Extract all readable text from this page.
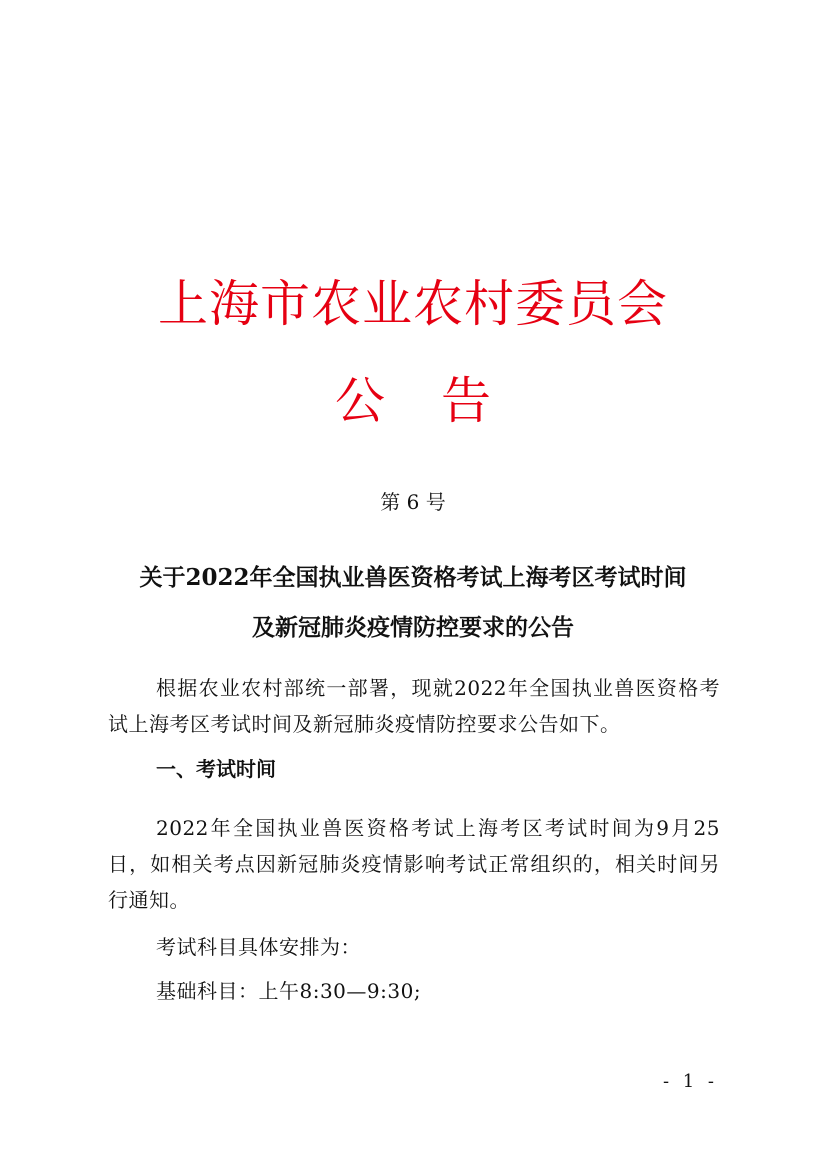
上海市农业农村委员会
公 告
第 6 号
关于2022年全国执业兽医资格考试上海考区考试时间
及新冠肺炎疫情防控要求的公告
根据农业农村部统一部署，现就2022年全国执业兽医资格考试上海考区考试时间及新冠肺炎疫情防控要求公告如下。
一、考试时间
2022年全国执业兽医资格考试上海考区考试时间为9月25日，如相关考点因新冠肺炎疫情影响考试正常组织的，相关时间另行通知。
考试科目具体安排为：
基础科目：上午8:30—9:30;
- 1 -
